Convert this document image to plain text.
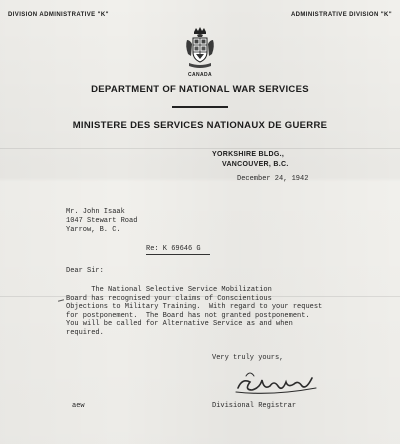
DIVISION ADMINISTRATIVE "K"	ADMINISTRATIVE DIVISION "K"
CANADA
DEPARTMENT OF NATIONAL WAR SERVICES
MINISTERE DES SERVICES NATIONAUX DE GUERRE
YORKSHIRE BLDG.,
VANCOUVER, B.C.
December 24, 1942
Mr. John Isaak
1047 Stewart Road
Yarrow, B. C.
Re: K 69646 G
Dear Sir:
The National Selective Service Mobilization
Board has recognised your claims of Conscientious
Objections to Military Training.  With regard to your request
for postponement.  The Board has not granted postponement.
You will be called for Alternative Service as and when
required.
Very truly yours,
Divisional Registrar
aew
